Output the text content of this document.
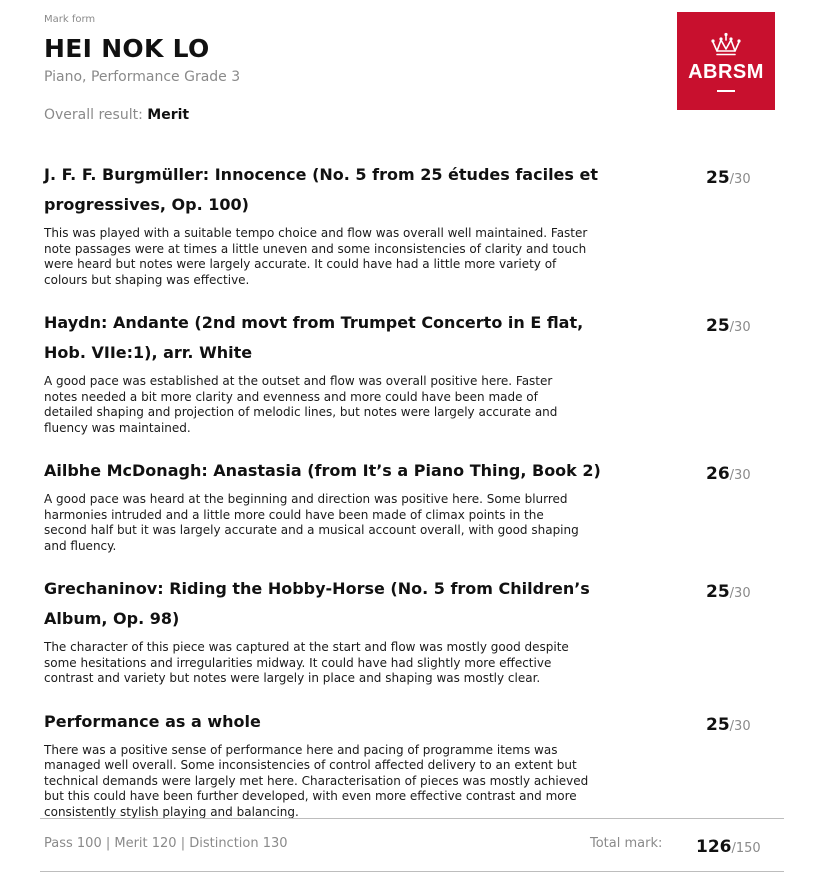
Mark form

HEI NOK LO

Piano, Performance Grade 3

Overall result: Merit

ABRSM

J. F. F. Burgmüller: Innocence (No. 5 from 25 études faciles et progressives, Op. 100)

This was played with a suitable tempo choice and flow was overall well maintained. Faster note passages were at times a little uneven and some inconsistencies of clarity and touch were heard but notes were largely accurate. It could have had a little more variety of colours but shaping was effective.

25/30

Haydn: Andante (2nd movt from Trumpet Concerto in E flat, Hob. VIIe:1), arr. White

A good pace was established at the outset and flow was overall positive here. Faster notes needed a bit more clarity and evenness and more could have been made of detailed shaping and projection of melodic lines, but notes were largely accurate and fluency was maintained.

25/30

Ailbhe McDonagh: Anastasia (from It’s a Piano Thing, Book 2)

A good pace was heard at the beginning and direction was positive here. Some blurred harmonies intruded and a little more could have been made of climax points in the second half but it was largely accurate and a musical account overall, with good shaping and fluency.

26/30

Grechaninov: Riding the Hobby-Horse (No. 5 from Children’s Album, Op. 98)

The character of this piece was captured at the start and flow was mostly good despite some hesitations and irregularities midway. It could have had slightly more effective contrast and variety but notes were largely in place and shaping was mostly clear.

25/30

Performance as a whole

There was a positive sense of performance here and pacing of programme items was managed well overall. Some inconsistencies of control affected delivery to an extent but technical demands were largely met here. Characterisation of pieces was mostly achieved but this could have been further developed, with even more effective contrast and more consistently stylish playing and balancing.

25/30
Pass 100 | Merit 120 | Distinction 130	Total mark: 126/150
